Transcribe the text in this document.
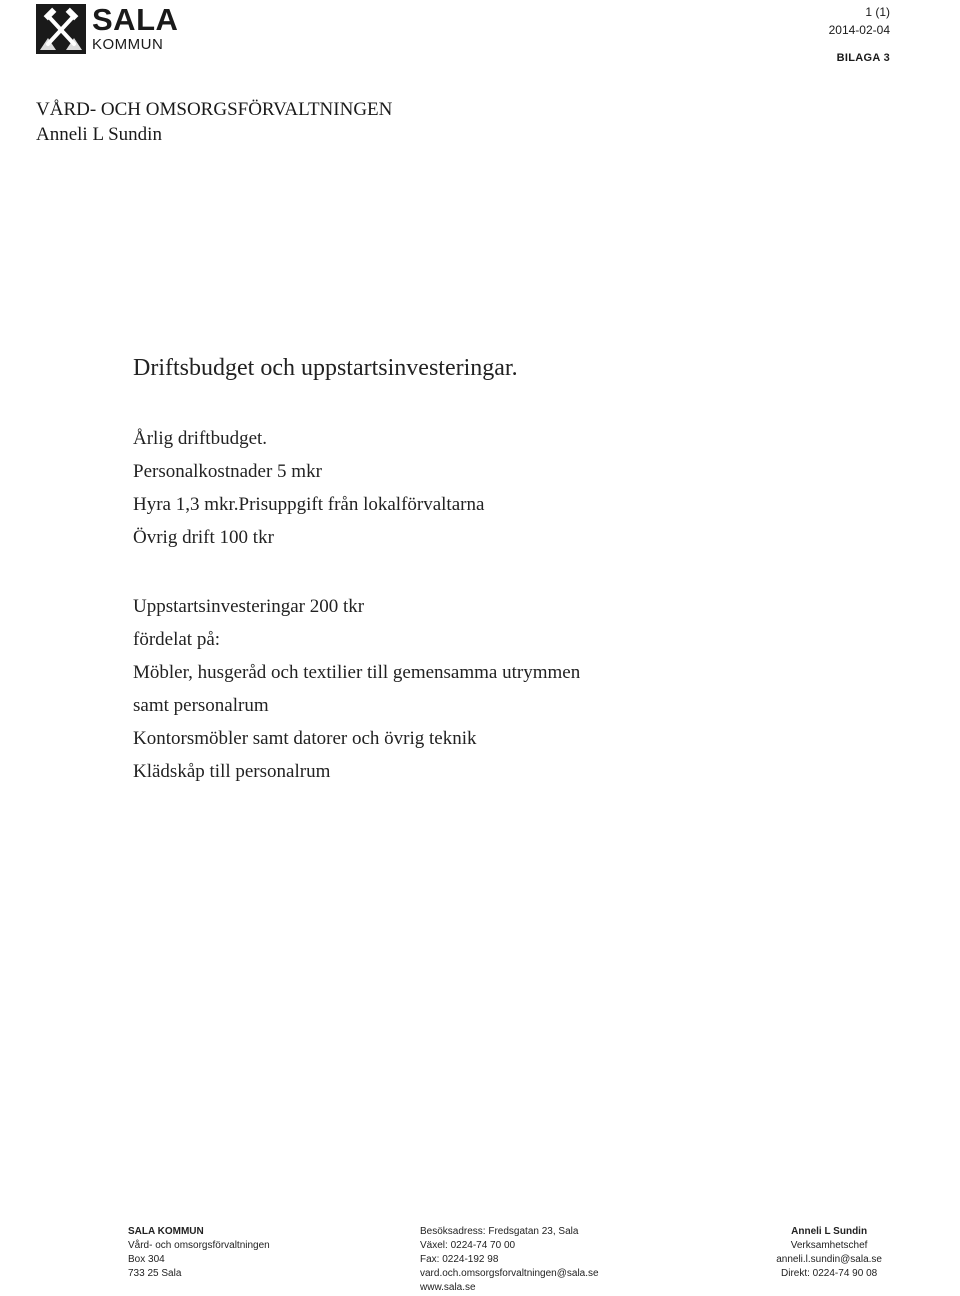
SALA
KOMMUN
1 (1)
2014-02-04
BILAGA 3
VÅRD- OCH OMSORGSFÖRVALTNINGEN
Anneli L Sundin
Driftsbudget och uppstartsinvesteringar.

Årlig driftbudget.

Personalkostnader 5 mkr

Hyra 1,3 mkr.Prisuppgift från lokalförvaltarna

Övrig drift 100 tkr

Uppstartsinvesteringar 200 tkr

fördelat på:

Möbler, husgeråd och textilier till gemensamma utrymmen

samt personalrum

Kontorsmöbler samt datorer och övrig teknik

Klädskåp till personalrum

SALA KOMMUN
Vård- och omsorgsförvaltningen
Box 304
733 25 Sala
Besöksadress: Fredsgatan 23, Sala
Växel: 0224-74 70 00
Fax: 0224-192 98
vard.och.omsorgsforvaltningen@sala.se
www.sala.se
Anneli L Sundin
Verksamhetschef
anneli.l.sundin@sala.se
Direkt: 0224-74 90 08
